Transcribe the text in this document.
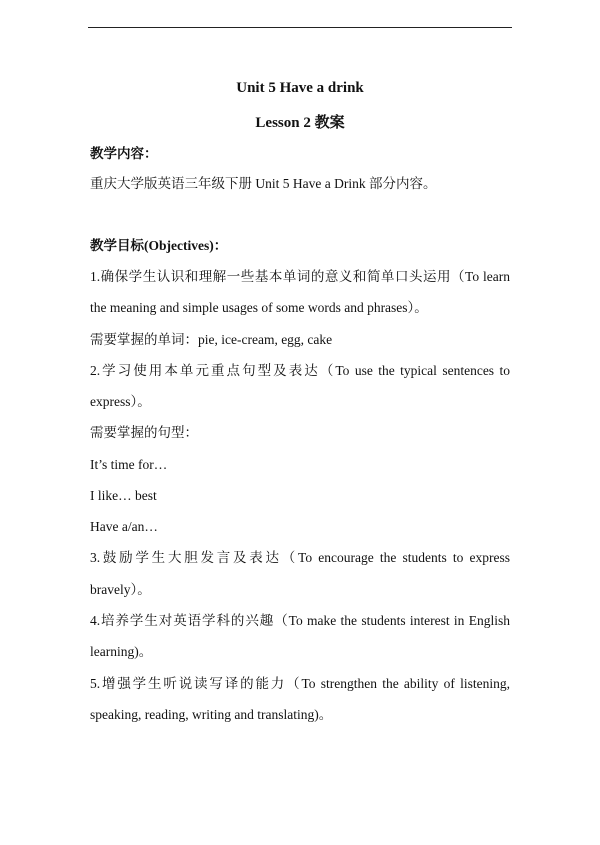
Unit 5 Have a drink
Lesson 2 教案
教学内容：
重庆大学版英语三年级下册 Unit 5 Have a Drink 部分内容。
教学目标(Objectives)：
1.确保学生认识和理解一些基本单词的意义和简单口头运用（To learn
the meaning and simple usages of some words and phrases）。
需要掌握的单词：pie, ice-cream, egg, cake
2.学习使用本单元重点句型及表达（To use the typical sentences to
express）。
需要掌握的句型：
It’s time for…
I like… best
Have a/an…
3.鼓励学生大胆发言及表达（To encourage the students to express
bravely）。
4.培养学生对英语学科的兴趣（To make the students interest in English
learning)。
5.增强学生听说读写译的能力（To strengthen the ability of listening,
speaking, reading, writing and translating)。
